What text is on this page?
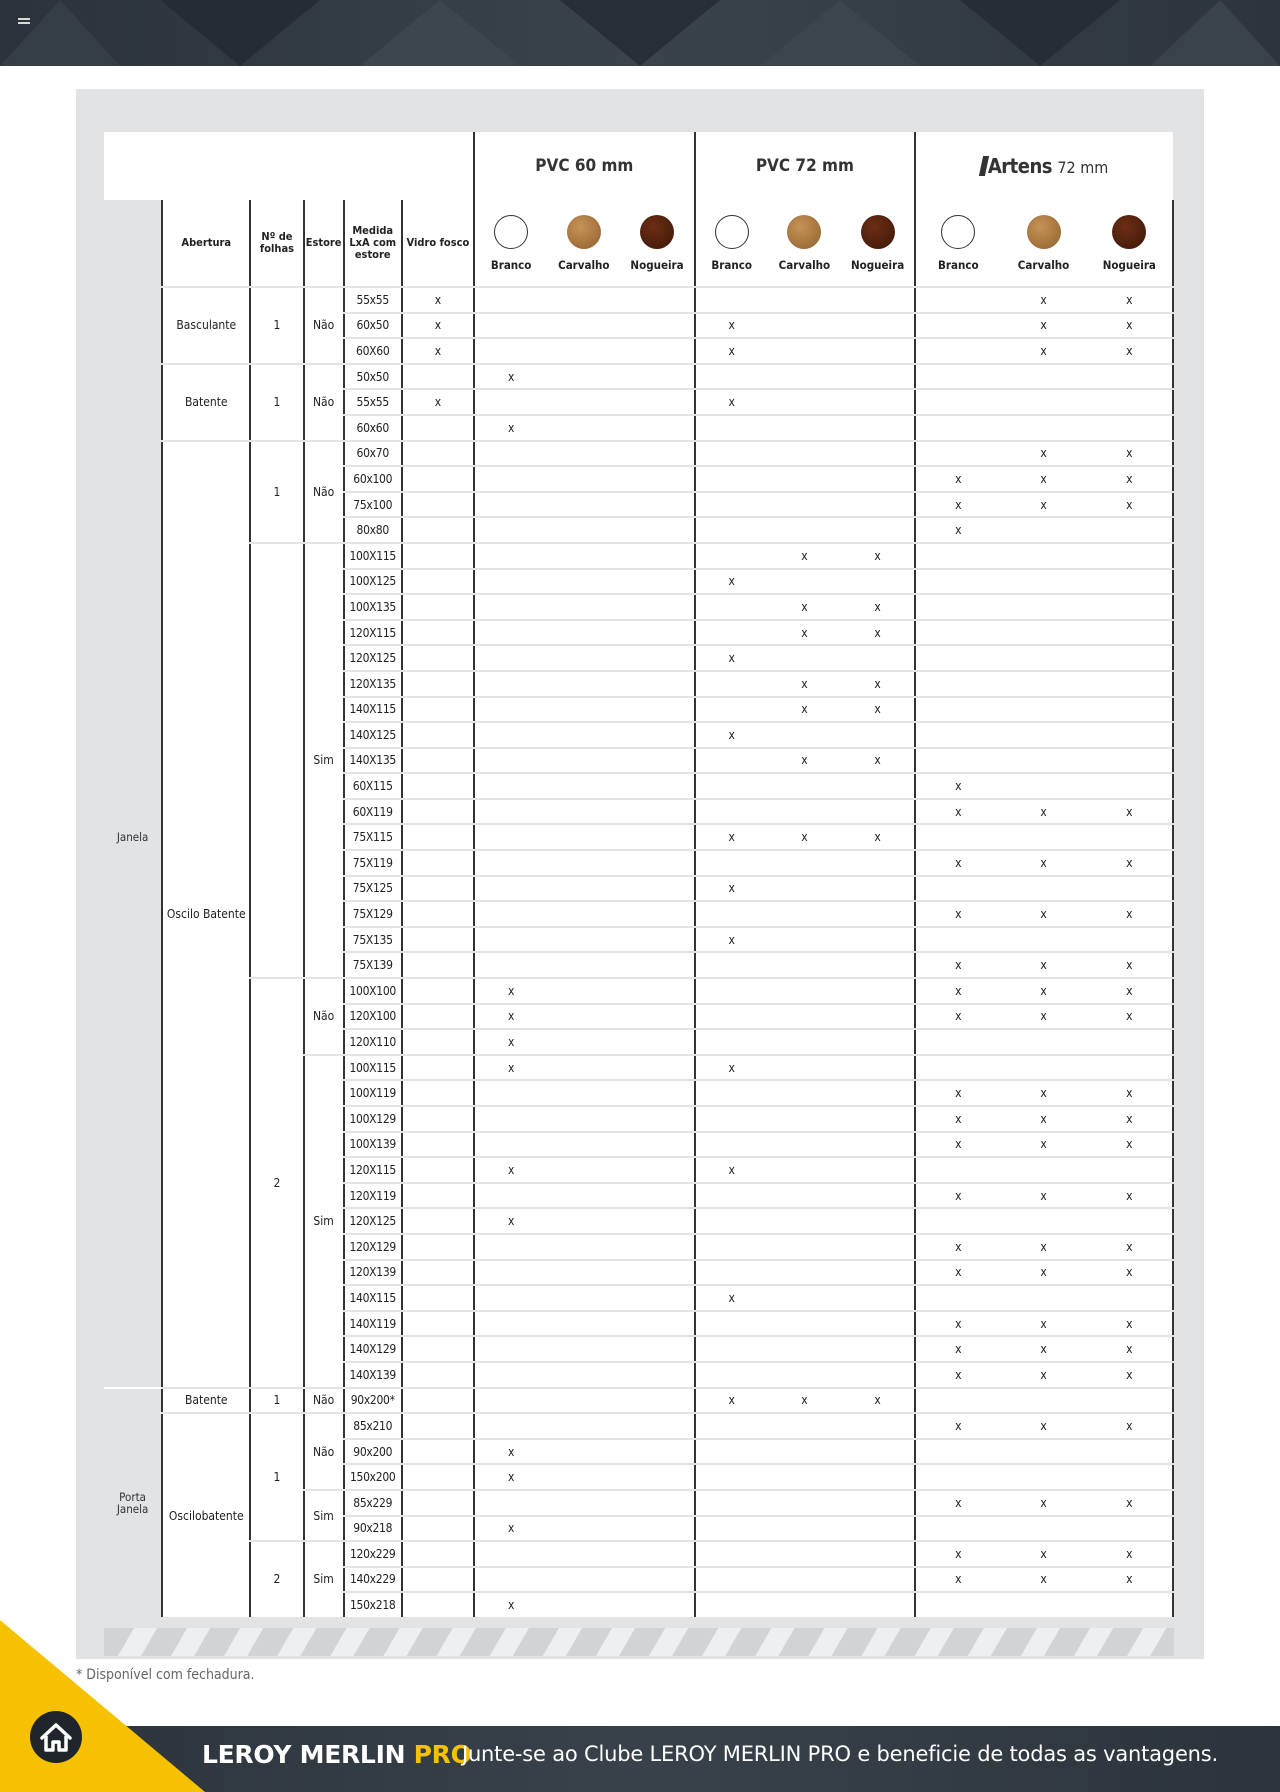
						PVC 60 mm			PVC 72 mm			Artens 72 mm		
	Abertura	Nº de folhas	Estore	Medida LxA com estore	Vidro fosco	Branco	Carvalho	Nogueira	Branco	Carvalho	Nogueira	Branco	Carvalho	Nogueira

Janela	Basculante	1	Não	55x55	x								x	x
				60x50	x				x				x	x
				60X60	x				x				x	x
	Batente	1	Não	50x50		x								
				55x55	x				x					
				60x60		x								
	Oscilo Batente	1	Não	60x70									x	x
				60x100								x	x	x
				75x100								x	x	x
				80x80								x		
			Sim	100X115						x	x			
				100X125					x					
				100X135						x	x			
				120X115						x	x			
				120X125					x					
				120X135						x	x			
				140X115						x	x			
				140X125					x					
				140X135						x	x			
				60X115								x		
				60X119								x	x	x
				75X115					x	x	x			
				75X119								x	x	x
				75X125					x					
				75X129								x	x	x
				75X135					x					
				75X139								x	x	x
		2	Não	100X100		x						x	x	x
				120X100		x						x	x	x
				120X110		x								
			Sim	100X115		x			x					
				100X119								x	x	x
				100X129								x	x	x
				100X139								x	x	x
				120X115		x			x					
				120X119								x	x	x
				120X125		x								
				120X129								x	x	x
				120X139								x	x	x
				140X115					x					
				140X119								x	x	x
				140X129								x	x	x
				140X139								x	x	x
Porta Janela	Batente	1	Não	90x200*					x	x	x			
	Oscilobatente	1	Não	85x210								x	x	x
				90x200		x								
				150x200		x								
			Sim	85x229								x	x	x
				90x218		x								
		2	Sim	120x229								x	x	x
				140x229								x	x	x
				150x218		x								
* Disponível com fechadura.
LEROY MERLIN PRO
Junte-se ao Clube LEROY MERLIN PRO e beneficie de todas as vantagens.
